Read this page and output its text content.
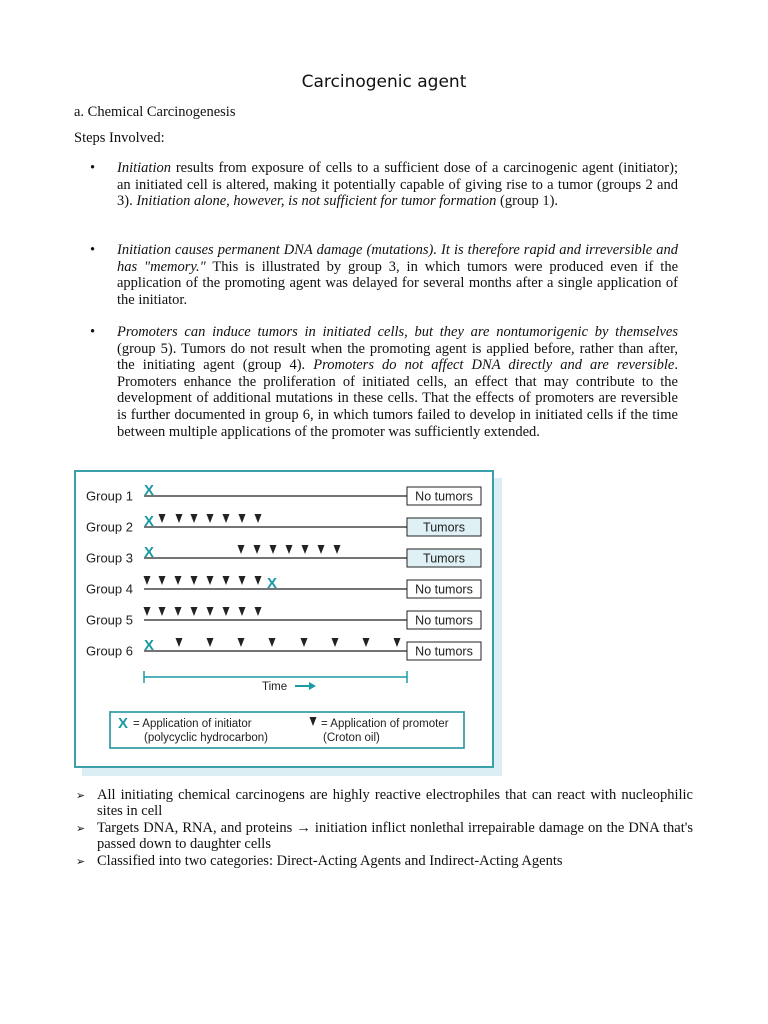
Carcinogenic agent
a. Chemical Carcinogenesis
Steps Involved:
• Initiation results from exposure of cells to a sufficient dose of a carcinogenic agent (initiator); an initiated cell is altered, making it potentially capable of giving rise to a tumor (groups 2 and 3). Initiation alone, however, is not sufficient for tumor formation (group 1).
• Initiation causes permanent DNA damage (mutations). It is therefore rapid and irreversible and has "memory." This is illustrated by group 3, in which tumors were produced even if the application of the promoting agent was delayed for several months after a single application of the initiator.
• Promoters can induce tumors in initiated cells, but they are nontumorigenic by themselves (group 5). Tumors do not result when the promoting agent is applied before, rather than after, the initiating agent (group 4). Promoters do not affect DNA directly and are reversible. Promoters enhance the proliferation of initiated cells, an effect that may contribute to the development of additional mutations in these cells. That the effects of promoters are reversible is further documented in group 6, in which tumors failed to develop in initiated cells if the time between multiple applications of the promoter was sufficiently extended.
Group 1 X	No tumors
Group 2 X	Tumors
Group 3 X	Tumors
Group 4	X	No tumors
Group 5	No tumors
Group 6 X	No tumors
Time
X = Application of initiator
(polycyclic hydrocarbon)
= Application of promoter
(Croton oil)
➢ All initiating chemical carcinogens are highly reactive electrophiles that can react with nucleophilic sites in cell
➢ Targets DNA, RNA, and proteins → initiation inflict nonlethal irrepairable damage on the DNA that's passed down to daughter cells
➢ Classified into two categories: Direct-Acting Agents and Indirect-Acting Agents
